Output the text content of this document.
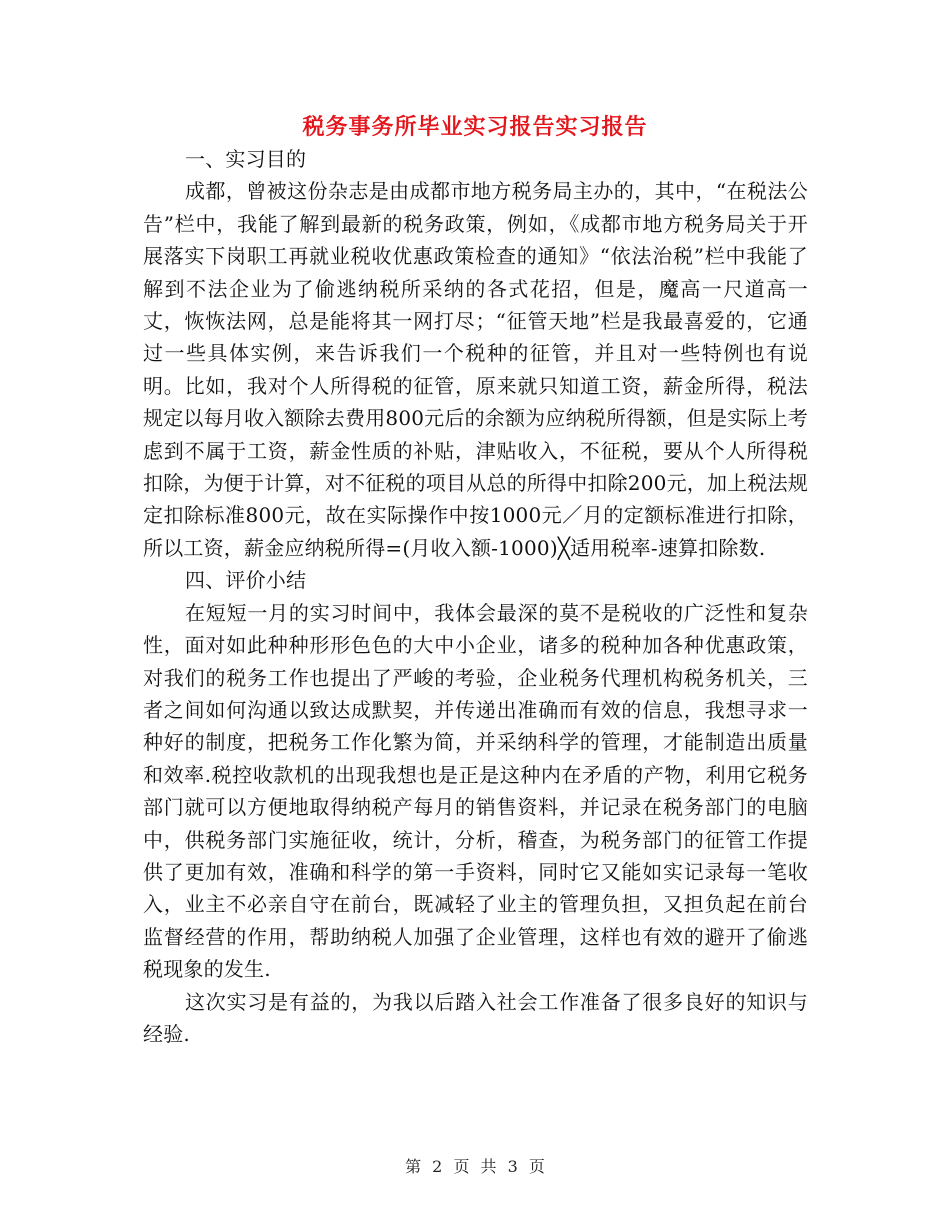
税务事务所毕业实习报告实习报告

一、实习目的

成都，曾被这份杂志是由成都市地方税务局主办的，其中，“在税法公告”栏中，我能了解到最新的税务政策，例如，《成都市地方税务局关于开展落实下岗职工再就业税收优惠政策检查的通知》“依法治税”栏中我能了解到不法企业为了偷逃纳税所采纳的各式花招，但是，魔高一尺道高一丈，恢恢法网，总是能将其一网打尽；“征管天地”栏是我最喜爱的，它通过一些具体实例，来告诉我们一个税种的征管，并且对一些特例也有说明。比如，我对个人所得税的征管，原来就只知道工资，薪金所得，税法规定以每月收入额除去费用800元后的余额为应纳税所得额，但是实际上考虑到不属于工资，薪金性质的补贴，津贴收入，不征税，要从个人所得税扣除，为便于计算，对不征税的项目从总的所得中扣除200元，加上税法规定扣除标准800元，故在实际操作中按1000元／月的定额标准进行扣除，所以工资，薪金应纳税所得=(月收入额-1000)╳适用税率-速算扣除数.

四、评价小结

在短短一月的实习时间中，我体会最深的莫不是税收的广泛性和复杂性，面对如此种种形形色色的大中小企业，诸多的税种加各种优惠政策，对我们的税务工作也提出了严峻的考验，企业税务代理机构税务机关，三者之间如何沟通以致达成默契，并传递出准确而有效的信息，我想寻求一种好的制度，把税务工作化繁为简，并采纳科学的管理，才能制造出质量和效率.税控收款机的出现我想也是正是这种内在矛盾的产物，利用它税务部门就可以方便地取得纳税产每月的销售资料，并记录在税务部门的电脑中，供税务部门实施征收，统计，分析，稽查，为税务部门的征管工作提供了更加有效，准确和科学的第一手资料，同时它又能如实记录每一笔收入，业主不必亲自守在前台，既减轻了业主的管理负担，又担负起在前台监督经营的作用，帮助纳税人加强了企业管理，这样也有效的避开了偷逃税现象的发生.

这次实习是有益的，为我以后踏入社会工作准备了很多良好的知识与经验.

第 2 页 共 3 页
